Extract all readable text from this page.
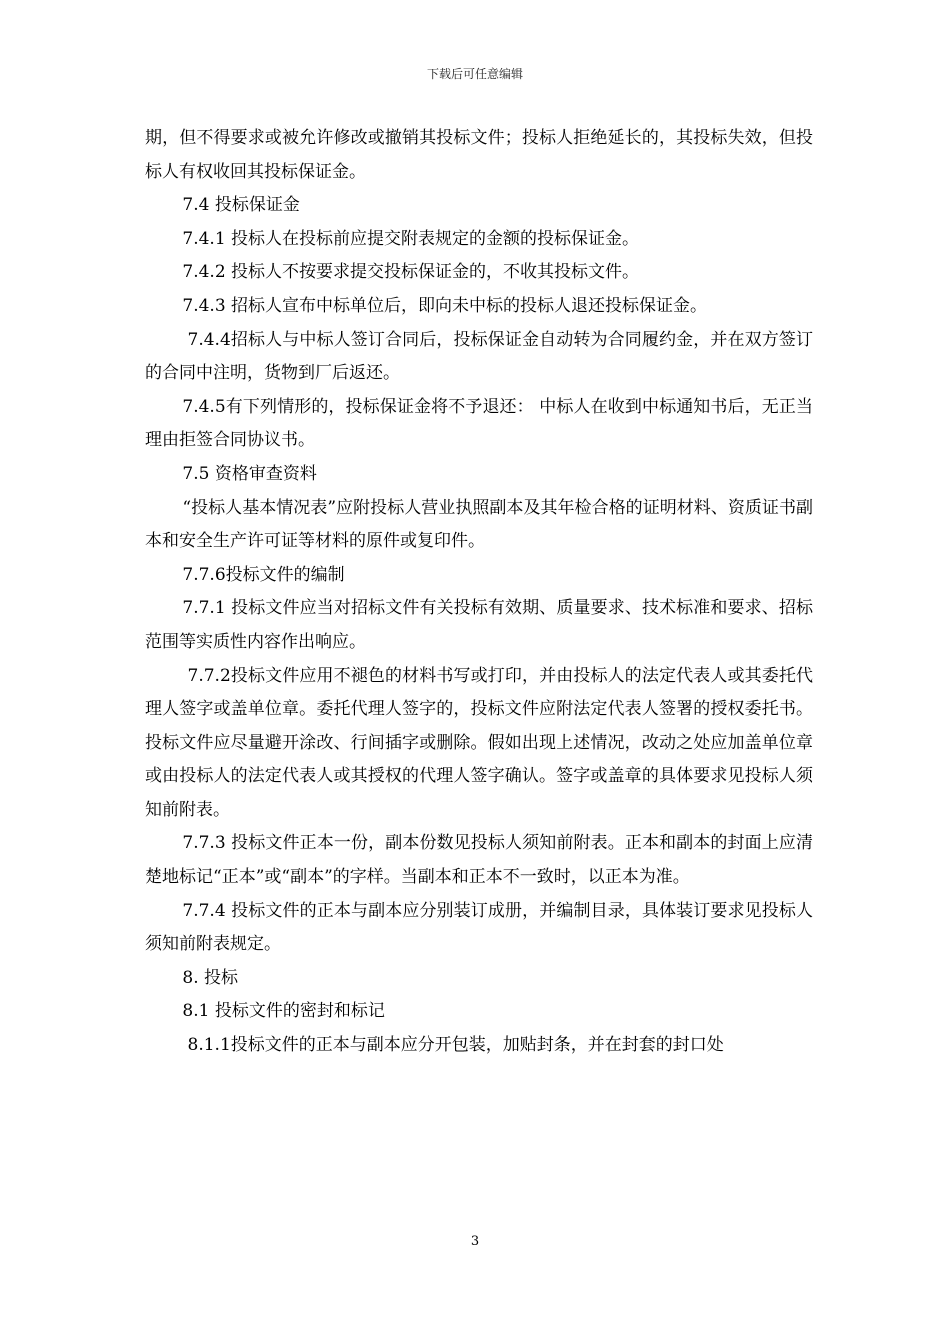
下载后可任意编辑

期，但不得要求或被允许修改或撤销其投标文件；投标人拒绝延长的，其投标失效，但投标人有权收回其投标保证金。

7.4 投标保证金

7.4.1 投标人在投标前应提交附表规定的金额的投标保证金。

7.4.2 投标人不按要求提交投标保证金的，不收其投标文件。

7.4.3 招标人宣布中标单位后，即向未中标的投标人退还投标保证金。

7.4.4招标人与中标人签订合同后，投标保证金自动转为合同履约金，并在双方签订的合同中注明，货物到厂后返还。

7.4.5有下列情形的，投标保证金将不予退还： 中标人在收到中标通知书后，无正当理由拒签合同协议书。

7.5 资格审查资料

“投标人基本情况表”应附投标人营业执照副本及其年检合格的证明材料、资质证书副本和安全生产许可证等材料的原件或复印件。

7.7.6投标文件的编制

7.7.1 投标文件应当对招标文件有关投标有效期、质量要求、技术标准和要求、招标范围等实质性内容作出响应。

7.7.2投标文件应用不褪色的材料书写或打印，并由投标人的法定代表人或其委托代理人签字或盖单位章。委托代理人签字的，投标文件应附法定代表人签署的授权委托书。投标文件应尽量避开涂改、行间插字或删除。假如出现上述情况，改动之处应加盖单位章或由投标人的法定代表人或其授权的代理人签字确认。签字或盖章的具体要求见投标人须知前附表。

7.7.3 投标文件正本一份，副本份数见投标人须知前附表。正本和副本的封面上应清楚地标记“正本”或“副本”的字样。当副本和正本不一致时，以正本为准。

7.7.4 投标文件的正本与副本应分别装订成册，并编制目录，具体装订要求见投标人须知前附表规定。

8. 投标

8.1 投标文件的密封和标记

8.1.1投标文件的正本与副本应分开包装，加贴封条，并在封套的封口处

3
